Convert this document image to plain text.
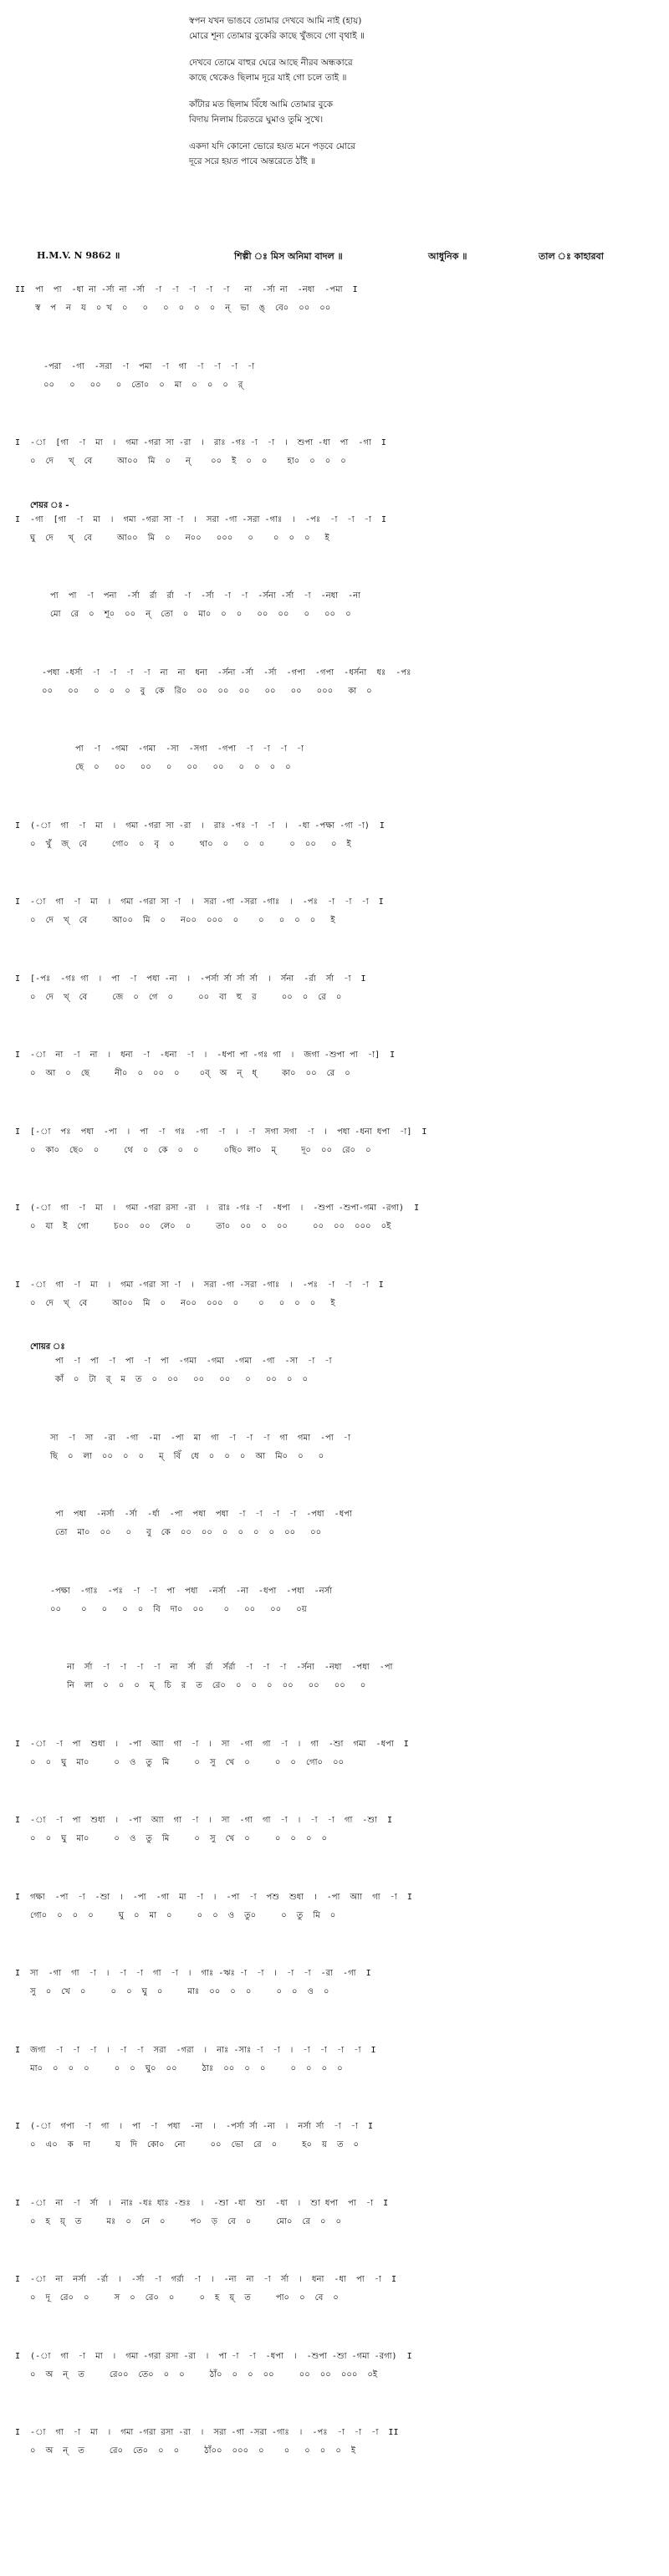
স্বপন যখন ভাঙবে তোমার দেখবে আমি নাই (হায়)
মোরে শূন্য তোমার বুকেরি কাছে খুঁজবে গো বৃথাই ॥
দেখবে তোমে বাহুর ঘেরে আছে নীরব অন্ধকারে
কাছে থেকেও ছিলাম দূরে যাই গো চলে তাই ॥
কাঁটার মত ছিলাম বিঁধে আমি তোমার বুকে
বিদায় নিলাম চিরতরে ঘুমাও তুমি সুখে।
একদা যদি কোনো ভোরে হয়ত মনে পড়বে মোরে
দূরে সরে হয়ত পাবে অন্তরেতে ঠাঁই ॥
H.M.V. N 9862 ॥	শিল্পী ঃ মিস অনিমা বাদল ॥	আধুনিক ॥	তাল ঃ কাহারবা
II  পা  পা  -ধা না -র্সা না -র্সা  -া  -া  -া  -া  -া   না  -র্সা না  -নধা  -পমা  I
স্ব  প  ন  য  ০ খ  ০   ০   ০  ০  ০  ০  ন্  ভা  ঙ্  বে০  ০০  ০০
-পরা  -গা  -সরা  -া  পমা  -া  গা  -া  -া  -া  -া
০০   ০   ০০   ০  তো০  ০  মা  ০  ০  ০  র্
I  -া  [গা  -া  মা  ।  গমা -গরা সা -রা  ।  রাঃ -গঃ -া  -া  ।  শুপা -ধা  পা  -গা  I
০  দে   খ্  বে     আ০০  মি  ০   ন্    ০০  ই  ০  ০    হা০  ০  ০  ০
শেয়র ঃ -
I  -গা  [গা  -া  মা  ।  গমা -গরা সা -া  ।  সরা -গা -সরা -গাঃ  ।  -পঃ  -া  -া  -া  I
ঘু  দে   খ্  বে     আ০০  মি  ০   ন০০   ০০০   ০    ০  ০  ০   ই
পা  পা  -া  পনা  -র্সা  র্রা  র্রা  -া  -র্সা  -া  -া  -র্সনা -র্সা  -া  -নধা  -না
মো  রে  ০  শূ০  ০০  ন্  তো  ০  মা০  ০  ০   ০০  ০০   ০   ০০  ০
-পধা -ধর্সা  -া  -া  -া  -া  না  না  ধনা  -র্সনা -র্সা  -র্সা  -গপা  -গপা  -ধর্সনা  ধঃ  -পঃ
০০   ০০   ০  ০  ০  বু  কে  রি০  ০০  ০০  ০০   ০০   ০০   ০০০   কা  ০
পা  -া  -গমা  -গমা  -সা  -সগা  -গপা  -া  -া  -া  -া
ছে  ০   ০০   ০০   ০   ০০   ০০   ০  ০  ০  ০
I  (-া  গা  -া  মা  ।  গমা -গরা সা -রা  ।  রাঃ -গঃ -া  -া  ।  -ধা -পক্ষা -গা -া)  I
০  খুঁ  জ্  বে     গো০  ০  বৃ  ০     থা০  ০   ০  ০     ০  ০০   ০  ই
I  -া  গা  -া  মা  ।  গমা -গরা সা -া  ।  সরা -গা -সরা -গাঃ  ।  -পঃ  -া  -া  -া  I
০  দে  খ্  বে     আ০০  মি  ০   ন০০  ০০০  ০    ০   ০  ০  ০   ই
I  [-পঃ  -গঃ গা  ।  পা  -া  পধা -না  ।  -পর্সা র্সা র্সা র্সা  ।  র্সনা  -র্রা  র্সা  -া  I
০  দে  খ্  বে     জে  ০  গে  ০     ০০  বা  হু  র     ০০  ০  রে  ০
I  -া  না  -া  না  ।  ধনা  -া  -ধনা  -া  ।  -ধপা পা -গঃ গা  ।  জগা -শুপা পা  -া]  I
০  আ  ০  ছে     নী০  ০  ০০  ০    ০ব্  অ  ন্  ধ্     কা০  ০০  রে  ০
I  [-া  পঃ  পধা  -পা  ।  পা  -া  গঃ  -গা  -া  ।  -া  সগা সগা  -া  ।  পধা -ধনা ধপা  -া]  I
০  কা০  ছে০  ০     থে  ০  কে  ০  ০     ০ছি০ লা০  ম্     দূ০  ০০  রে০  ০
I  (-া  গা  -া  মা  ।  গমা -গরা রসা -রা  ।  রাঃ -গঃ -া  -ধপা  ।  -শুপা -শুপা-গমা -রগা)  I
০  যা  ই  গো     চ০০  ০০  লে০  ০     তা০  ০০  ০  ০০     ০০  ০০  ০০০  ০ই
I  -া  গা  -া  মা  ।  গমা -গরা সা -া  ।  সরা -গা -সরা -গাঃ  ।  -পঃ  -া  -া  -া  I
০  দে  খ্  বে     আ০০  মি  ০   ন০০  ০০০  ০    ০   ০  ০  ০   ই
শোয়র ঃ
পা  -া  পা  -া  পা  -া  পা  -গমা  -গমা  -গমা  -গা  -সা  -া  -া
কাঁ  ০  টা  র্  ম  ত  ০  ০০   ০০   ০০   ০   ০০  ০  ০
সা  -া  সা  -রা  -গা  -মা  -পা  মা  গা  -া  -া  -া  গা  গমা  -পা  -া
ছি  ০  লা  ০০  ০  ০   ম্  বিঁ  ধে  ০  ০  ০  আ  মি০  ০   ০
পা  পধা  -নর্সা  -র্সা  -র্ধা  -পা  পধা  পধা  -া  -া  -া  -া  -পধা  -ধপা
তো  মা০  ০০   ০   বু  কে  ০০  ০০  ০  ০  ০  ০  ০০   ০০
-পক্ষা  -গাঃ  -পঃ  -া  -া  পা  পধা  -নর্সা  -না  -ধপা  -পধা  -নর্সা
০০    ০   ০   ০  ০  বি  দা০  ০০    ০   ০০   ০০   ০য়
না  র্সা  -া  -া  -া  -া  না  র্সা  র্রা  র্সর্রা  -া  -া  -া  -র্সনা  -নধা  -পধা  -পা
নি  লা  ০  ০  ০  ম্  চি  র  ত  রে০  ০  ০  ০  ০০   ০০   ০০   ০
I  -া  -া  পা  শুধা  ।  -পা  আা  গা  -া  ।  সা  -গা  গা  -া  ।  গা  -শুা  গমা  -ধপা  I
০  ০  ঘু  মা০     ০  ও  তু  মি     ০  সু  খে  ০     ০  ০  গো০  ০০
I  -া  -া  পা  শুধা  ।  -পা  আা  গা  -া  ।  সা  -গা  গা  -া  ।  -া  -া  গা  -শুা  I
০  ০  ঘু  মা০     ০  ও  তু  মি     ০  সু  খে  ০     ০  ০  ০  ০
I  গক্ষা  -পা  -া  -শুা  ।  -পা  -গা  মা  -া  ।  -পা  -া  পশু  শুধা  ।  -পা  আা  গা  -া  I
গো০  ০  ০  ০     ঘু  ০  মা  ০     ০  ০  ও  তু০     ০  তু  মি  ০
I  সা  -গা  গা  -া  ।  -া  -া  গা  -া  ।  গাঃ -ঋঃ -া  -া  ।  -া  -া  -রা  -গা  I
সু  ০  খে  ০     ০  ০  ঘু  ০     মাঃ  ০০  ০  ০     ০  ০  ও  ০
I  জগা  -া  -া  -া  ।  -া  -া  সরা  -গরা  ।  নাঃ -সাঃ -া  -া  ।  -া  -া  -া  -া  I
মা০  ০  ০  ০     ০  ০  ঘু০  ০০     ঠাঃ  ০০  ০  ০     ০  ০  ০  ০
I  (-া  গপা  -া  গা  ।  পা  -া  পধা  -না  ।  -পর্সা র্সা -না  ।  নর্সা র্সা  -া  -া  I
০  এ০  ক  দা     য  দি  কো০  নো     ০০  ভো  রে  ০     হ০  য়  ত  ০
I  -া  না  -া  র্সা  ।  নাঃ -ধঃ ধাঃ -শুঃ  ।  -শুা -ধা  শুা  -ধা  ।  শুা ধপা  পা  -া  I
০  হ  য়্  ত     মঃ  ০  নে  ০     প০  ড়  বে  ০     মো০  রে  ০  ০
I  -া  না  নর্সা  -র্রা  ।  -র্সা  -া  গর্রা  -া  ।  -না  না  -া  র্সা  ।  ধনা  -ধা  পা  -া  I
০  দূ  রে০  ০     স  ০  রে০  ০     ০  হ  য়্  ত     পা০  ০  বে  ০
I  (-া  গা  -া  মা  ।  গমা -গরা রসা -রা  ।  পা -া  -া  -ধপা  ।  -শুপা -শুা -গমা -রগা)  I
০  অ  ন্  ত     রে০০  তে০  ০  ০     ঠাঁ০  ০  ০  ০০     ০০  ০০  ০০০  ০ই
I  -া  গা  -া  মা  ।  গমা -গরা রসা -রা  ।  সরা -গা -সরা -গাঃ  ।  -পঃ  -া  -া  -া  II
০  অ  ন্  ত     রে০  তে০  ০  ০     ঠাঁ০০  ০০০  ০    ০   ০  ০  ০  ই
